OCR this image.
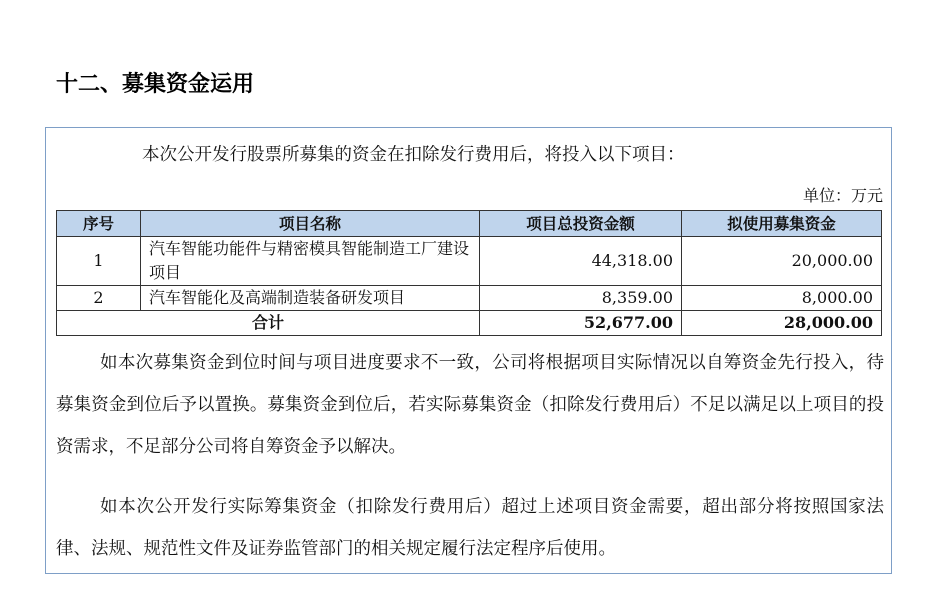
十二、募集资金运用

本次公开发行股票所募集的资金在扣除发行费用后，将投入以下项目：

单位：万元
序号	项目名称	项目总投资金额	拟使用募集资金
1	汽车智能功能件与精密模具智能制造工厂建设项目	44,318.00	20,000.00
2	汽车智能化及高端制造装备研发项目	8,359.00	8,000.00
合计		52,677.00	28,000.00

如本次募集资金到位时间与项目进度要求不一致，公司将根据项目实际情况以自筹资金先行投入，待募集资金到位后予以置换。募集资金到位后，若实际募集资金（扣除发行费用后）不足以满足以上项目的投资需求，不足部分公司将自筹资金予以解决。

如本次公开发行实际筹集资金（扣除发行费用后）超过上述项目资金需要，超出部分将按照国家法律、法规、规范性文件及证券监管部门的相关规定履行法定程序后使用。
